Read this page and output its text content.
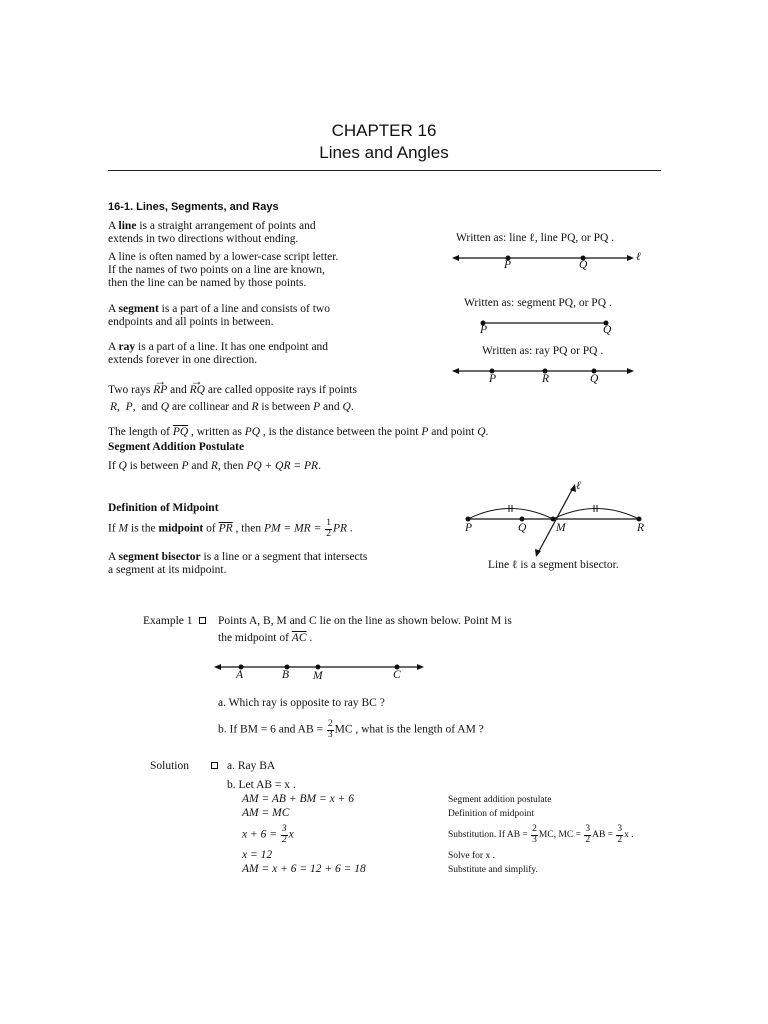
CHAPTER 16
Lines and Angles
16-1. Lines, Segments, and Rays
A line is a straight arrangement of points and
extends in two directions without ending.
A line is often named by a lower-case script letter.
If the names of two points on a line are known,
then the line can be named by those points.
A segment is a part of a line and consists of two
endpoints and all points in between.
A ray is a part of a line. It has one endpoint and
extends forever in one direction.
Two rays → RP and → RQ are called opposite rays if points
R,  P,  and Q are collinear and R is between P and Q.
The length of $\overline{PQ}$ , written as PQ , is the distance between the point P and point Q.
Segment Addition Postulate
If Q is between P and R, then PQ + QR = PR.
Definition of Midpoint
If M is the midpoint of $\overline{PR}$ , then PM = MR = $\frac{1}{2}$ PR .
A segment bisector is a line or a segment that intersects
a segment at its midpoint.
Written as: line ℓ, line PQ, or PQ .
P	Q
ℓ
Written as: segment PQ, or PQ .
P	Q
Written as: ray PQ or PQ .
P	R	Q
P	Q	M	R
ℓ
Line ℓ is a segment bisector.
Example 1	Points A, B, M and C lie on the line as shown below. Point M is
the midpoint of $\overline{AC}$ .
A	B M	C
a. Which ray is opposite to ray BC ?
b. If BM = 6 and AB = $\frac{2}{3}$ MC , what is the length of AM ?
Solution	a. Ray BA
b. Let AB = x .
AM = AB + BM = x + 6	Segment addition postulate
AM = MC	Definition of midpoint
$x + 6 = \frac{3}{2}$ x	Substitution. If AB = $\frac{2}{3}$ MC, MC = $\frac{3}{2}$ AB = $\frac{3}{2}$ x .
x = 12	Solve for x .
AM = x + 6 = 12 + 6 = 18	Substitute and simplify.
